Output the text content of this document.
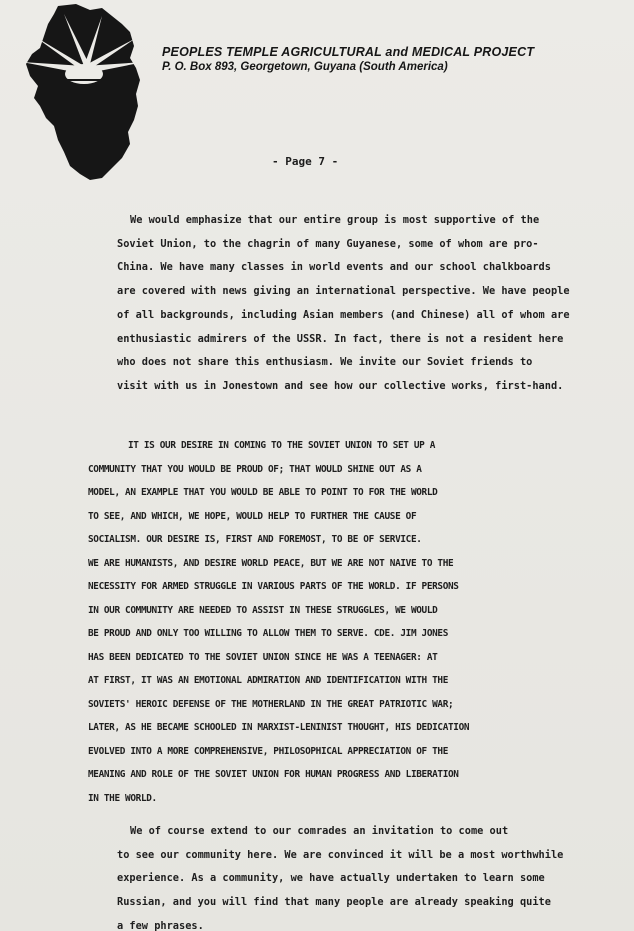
PEOPLES TEMPLE AGRICULTURAL and MEDICAL PROJECT
P. O. Box 893, Georgetown, Guyana (South America)
- Page 7 -
We would emphasize that our entire group is most supportive of the
Soviet Union, to the chagrin of many Guyanese, some of whom are pro-
China. We have many classes in world events and our school chalkboards
are covered with news giving an international perspective. We have people
of all backgrounds, including Asian members (and Chinese) all of whom are
enthusiastic admirers of the USSR. In fact, there is not a resident here
who does not share this enthusiasm. We invite our Soviet friends to
visit with us in Jonestown and see how our collective works, first-hand.
IT IS OUR DESIRE IN COMING TO THE SOVIET UNION TO SET UP A
COMMUNITY THAT YOU WOULD BE PROUD OF; THAT WOULD SHINE OUT AS A
MODEL, AN EXAMPLE THAT YOU WOULD BE ABLE TO POINT TO FOR THE WORLD
TO SEE, AND WHICH, WE HOPE, WOULD HELP TO FURTHER THE CAUSE OF
SOCIALISM. OUR DESIRE IS, FIRST AND FOREMOST, TO BE OF SERVICE.
WE ARE HUMANISTS, AND DESIRE WORLD PEACE, BUT WE ARE NOT NAIVE TO THE
NECESSITY FOR ARMED STRUGGLE IN VARIOUS PARTS OF THE WORLD. IF PERSONS
IN OUR COMMUNITY ARE NEEDED TO ASSIST IN THESE STRUGGLES, WE WOULD
BE PROUD AND ONLY TOO WILLING TO ALLOW THEM TO SERVE. CDE. JIM JONES
HAS BEEN DEDICATED TO THE SOVIET UNION SINCE HE WAS A TEENAGER: AT
AT FIRST, IT WAS AN EMOTIONAL ADMIRATION AND IDENTIFICATION WITH THE
SOVIETS' HEROIC DEFENSE OF THE MOTHERLAND IN THE GREAT PATRIOTIC WAR;
LATER, AS HE BECAME SCHOOLED IN MARXIST-LENINIST THOUGHT, HIS DEDICATION
EVOLVED INTO A MORE COMPREHENSIVE, PHILOSOPHICAL APPRECIATION OF THE
MEANING AND ROLE OF THE SOVIET UNION FOR HUMAN PROGRESS AND LIBERATION
IN THE WORLD.
We of course extend to our comrades an invitation to come out
to see our community here. We are convinced it will be a most worthwhile
experience. As a community, we have actually undertaken to learn some
Russian, and you will find that many people are already speaking quite
a few phrases.
